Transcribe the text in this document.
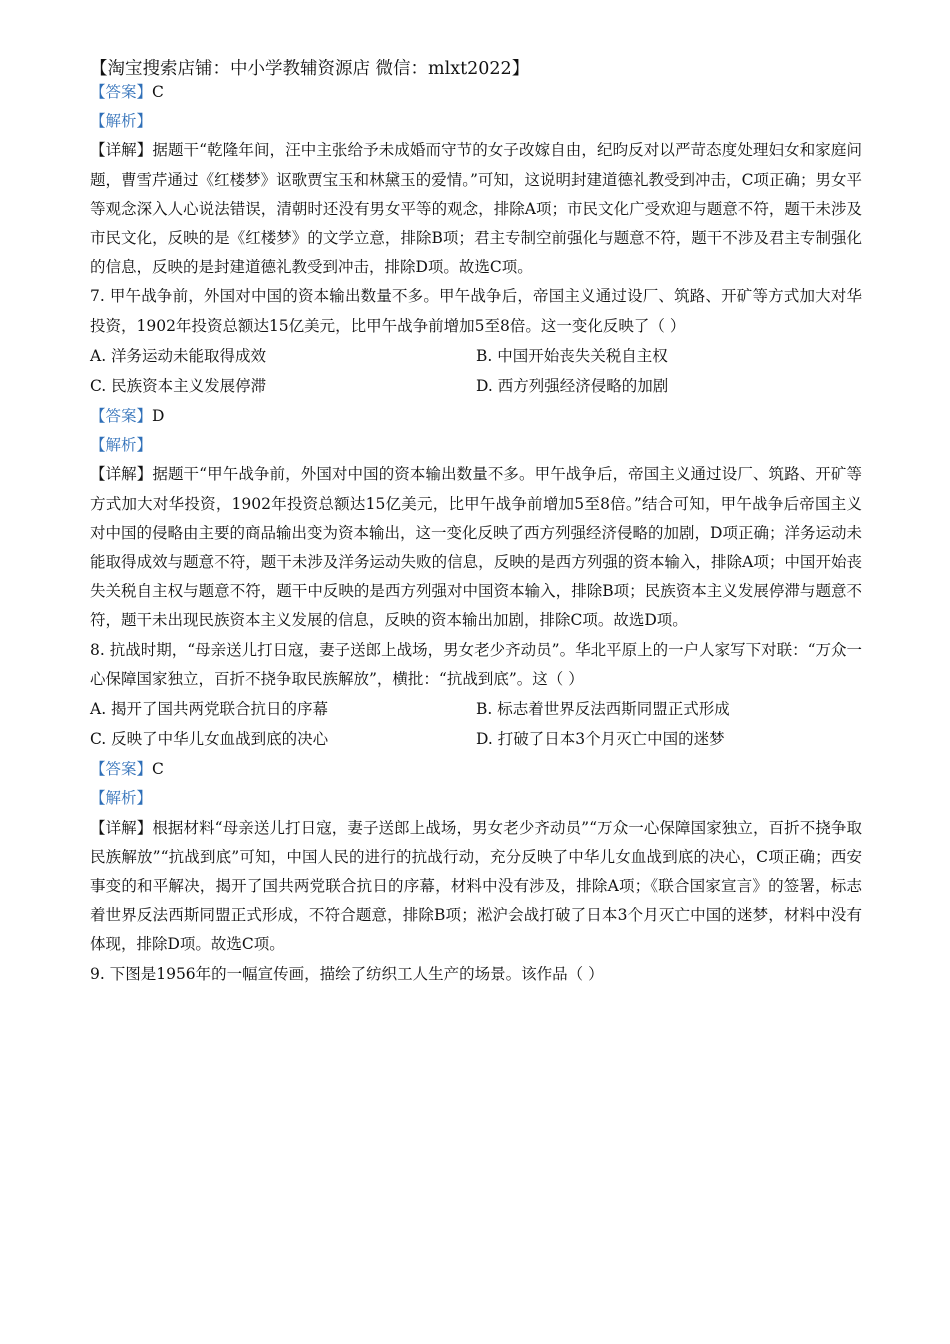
【淘宝搜索店铺：中小学教辅资源店 微信：mlxt2022】

【答案】C

【解析】

【详解】据题干“乾隆年间，汪中主张给予未成婚而守节的女子改嫁自由，纪昀反对以严苛态度处理妇女和家庭问题，曹雪芹通过《红楼梦》讴歌贾宝玉和林黛玉的爱情。”可知，这说明封建道德礼教受到冲击，C项正确；男女平等观念深入人心说法错误，清朝时还没有男女平等的观念，排除A项；市民文化广受欢迎与题意不符，题干未涉及市民文化，反映的是《红楼梦》的文学立意，排除B项；君主专制空前强化与题意不符，题干不涉及君主专制强化的信息，反映的是封建道德礼教受到冲击，排除D项。故选C项。

7. 甲午战争前，外国对中国的资本输出数量不多。甲午战争后，帝国主义通过设厂、筑路、开矿等方式加大对华投资，1902年投资总额达15亿美元，比甲午战争前增加5至8倍。这一变化反映了（ ）

A. 洋务运动未能取得成效	B. 中国开始丧失关税自主权
C. 民族资本主义发展停滞	D. 西方列强经济侵略的加剧

【答案】D

【解析】

【详解】据题干“甲午战争前，外国对中国的资本输出数量不多。甲午战争后，帝国主义通过设厂、筑路、开矿等方式加大对华投资，1902年投资总额达15亿美元，比甲午战争前增加5至8倍。”结合可知，甲午战争后帝国主义对中国的侵略由主要的商品输出变为资本输出，这一变化反映了西方列强经济侵略的加剧，D项正确；洋务运动未能取得成效与题意不符，题干未涉及洋务运动失败的信息，反映的是西方列强的资本输入，排除A项；中国开始丧失关税自主权与题意不符，题干中反映的是西方列强对中国资本输入，排除B项；民族资本主义发展停滞与题意不符，题干未出现民族资本主义发展的信息，反映的资本输出加剧，排除C项。故选D项。

8. 抗战时期，“母亲送儿打日寇，妻子送郎上战场，男女老少齐动员”。华北平原上的一户人家写下对联：“万众一心保障国家独立，百折不挠争取民族解放”，横批：“抗战到底”。这（ ）

A. 揭开了国共两党联合抗日的序幕	B. 标志着世界反法西斯同盟正式形成
C. 反映了中华儿女血战到底的决心	D. 打破了日本3个月灭亡中国的迷梦

【答案】C

【解析】

【详解】根据材料“母亲送儿打日寇，妻子送郎上战场，男女老少齐动员”“万众一心保障国家独立，百折不挠争取民族解放”“抗战到底”可知，中国人民的进行的抗战行动，充分反映了中华儿女血战到底的决心，C项正确；西安事变的和平解决，揭开了国共两党联合抗日的序幕，材料中没有涉及，排除A项；《联合国家宣言》的签署，标志着世界反法西斯同盟正式形成，不符合题意，排除B项；淞沪会战打破了日本3个月灭亡中国的迷梦，材料中没有体现，排除D项。故选C项。

9. 下图是1956年的一幅宣传画，描绘了纺织工人生产的场景。该作品（ ）
